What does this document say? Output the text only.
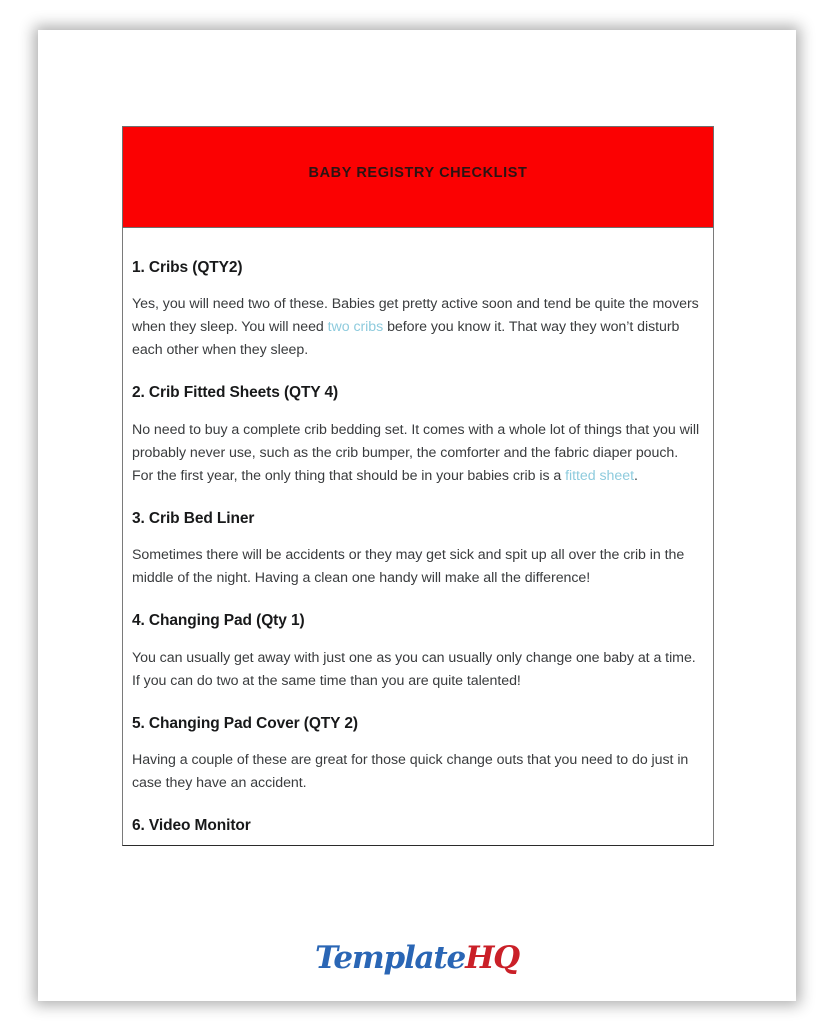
BABY REGISTRY CHECKLIST
1. Cribs (QTY2)

Yes, you will need two of these. Babies get pretty active soon and tend be quite the movers when they sleep. You will need two cribs before you know it. That way they won’t disturb each other when they sleep.

2. Crib Fitted Sheets (QTY 4)

No need to buy a complete crib bedding set. It comes with a whole lot of things that you will probably never use, such as the crib bumper, the comforter and the fabric diaper pouch. For the first year, the only thing that should be in your babies crib is a fitted sheet.

3. Crib Bed Liner

Sometimes there will be accidents or they may get sick and spit up all over the crib in the middle of the night. Having a clean one handy will make all the difference!

4. Changing Pad (Qty 1)

You can usually get away with just one as you can usually only change one baby at a time. If you can do two at the same time than you are quite talented!

5. Changing Pad Cover (QTY 2)

Having a couple of these are great for those quick change outs that you need to do just in case they have an accident.

6. Video Monitor
TemplateHQ
